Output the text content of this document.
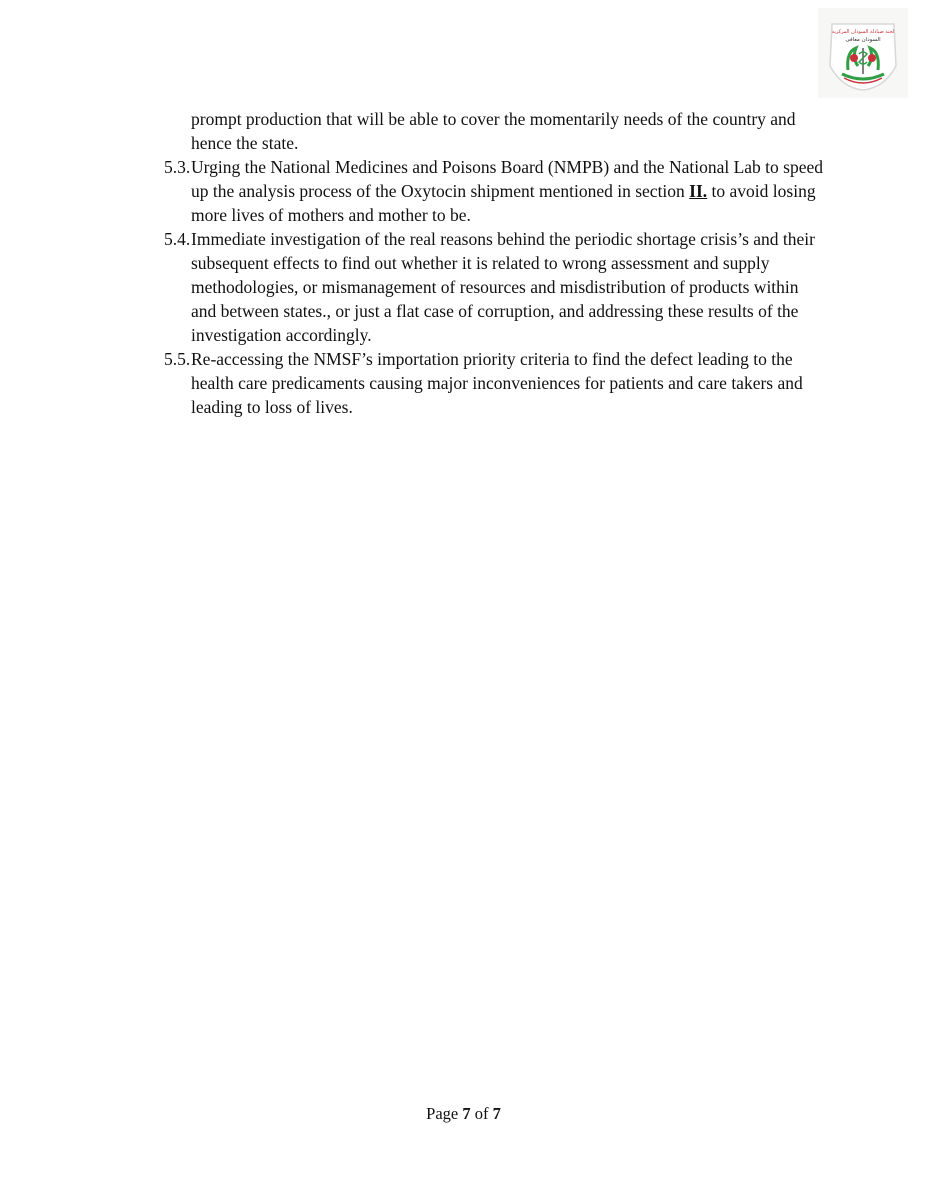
لجنة صيادلة السودان المركزية
السودان معافى

prompt production that will be able to cover the momentarily needs of the country and hence the state.

5.3. Urging the National Medicines and Poisons Board (NMPB) and the National Lab to speed up the analysis process of the Oxytocin shipment mentioned in section II. to avoid losing more lives of mothers and mother to be.
5.4. Immediate investigation of the real reasons behind the periodic shortage crisis’s and their subsequent effects to find out whether it is related to wrong assessment and supply methodologies, or mismanagement of resources and misdistribution of products within and between states., or just a flat case of corruption, and addressing these results of the investigation accordingly.
5.5. Re-accessing the NMSF’s importation priority criteria to find the defect leading to the health care predicaments causing major inconveniences for patients and care takers and leading to loss of lives.
Page 7 of 7
